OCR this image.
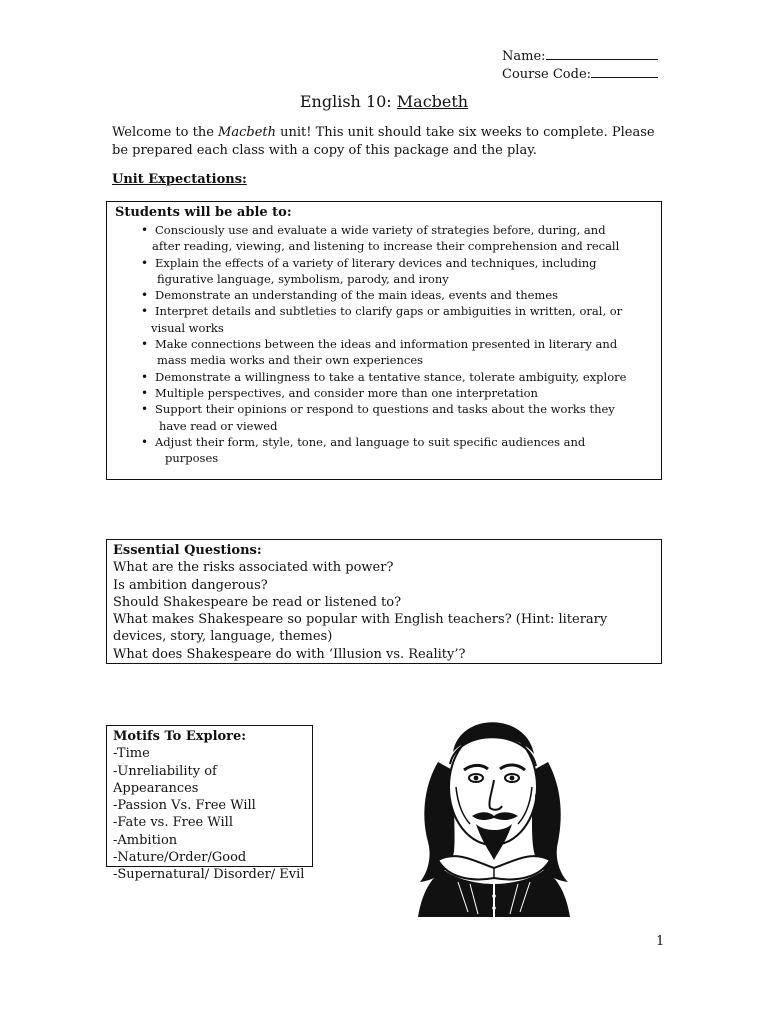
Name:
Course Code:
English 10: Macbeth
Welcome to the Macbeth unit! This unit should take six weeks to complete. Please be prepared each class with a copy of this package and the play.
Unit Expectations:
Students will be able to:
• Consciously use and evaluate a wide variety of strategies before, during, and
after reading, viewing, and listening to increase their comprehension and recall
• Explain the effects of a variety of literary devices and techniques, including
figurative language, symbolism, parody, and irony
• Demonstrate an understanding of the main ideas, events and themes
• Interpret details and subtleties to clarify gaps or ambiguities in written, oral, or
visual works
• Make connections between the ideas and information presented in literary and
mass media works and their own experiences
• Demonstrate a willingness to take a tentative stance, tolerate ambiguity, explore
• Multiple perspectives, and consider more than one interpretation
• Support their opinions or respond to questions and tasks about the works they
have read or viewed
• Adjust their form, style, tone, and language to suit specific audiences and
purposes
Essential Questions:
What are the risks associated with power?
Is ambition dangerous?
Should Shakespeare be read or listened to?
What makes Shakespeare so popular with English teachers? (Hint: literary devices, story, language, themes)
What does Shakespeare do with ‘Illusion vs. Reality’?
Motifs To Explore:
-Time
-Unreliability of Appearances
-Passion Vs. Free Will
-Fate vs. Free Will
-Ambition
-Nature/Order/Good
-Supernatural/ Disorder/ Evil
1
